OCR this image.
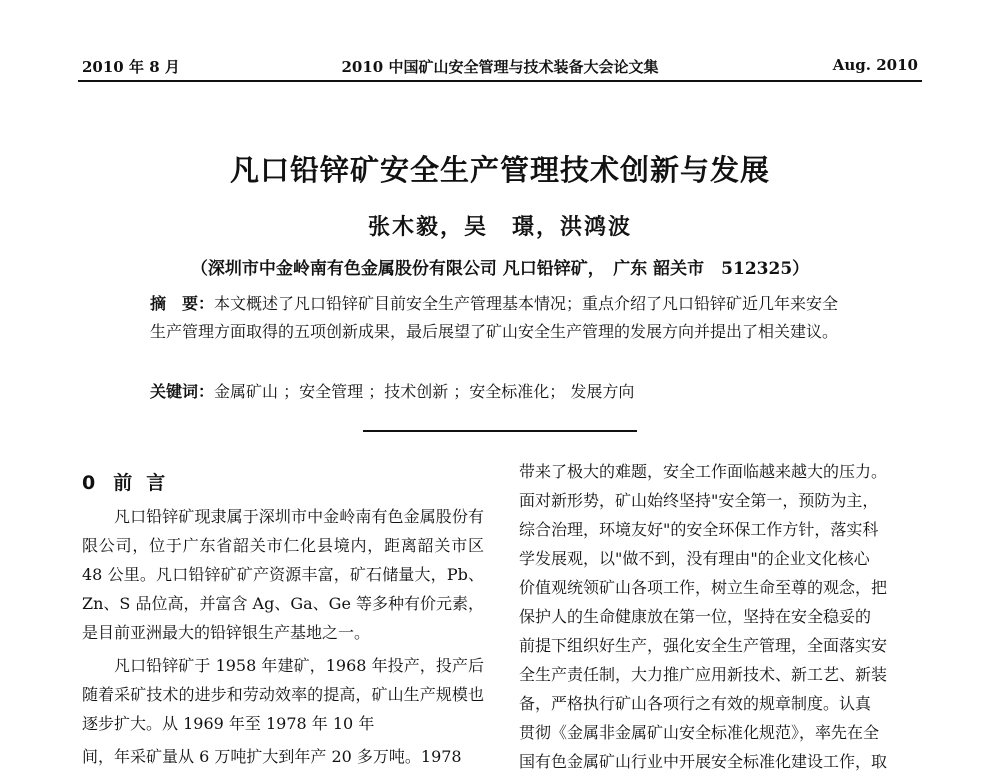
2010 年 8 月	2010 中国矿山安全管理与技术装备大会论文集	Aug. 2010
凡口铅锌矿安全生产管理技术创新与发展
张木毅，吴　璟，洪鸿波
（深圳市中金岭南有色金属股份有限公司 凡口铅锌矿，　广东 韶关市　512325）

摘　要：本文概述了凡口铅锌矿目前安全生产管理基本情况；重点介绍了凡口铅锌矿近几年来安全生产管理方面取得的五项创新成果，最后展望了矿山安全生产管理的发展方向并提出了相关建议。

关键词：金属矿山 ；安全管理 ；技术创新 ；安全标准化； 发展方向
0 前言

凡口铅锌矿现隶属于深圳市中金岭南有色金属股份有限公司，位于广东省韶关市仁化县境内，距离韶关市区 48 公里。凡口铅锌矿矿产资源丰富，矿石储量大，Pb、Zn、S 品位高，并富含 Ag、Ga、Ge 等多种有价元素，是目前亚洲最大的铅锌银生产基地之一。

凡口铅锌矿于 1958 年建矿，1968 年投产，投产后随着采矿技术的进步和劳动效率的提高，矿山生产规模也逐步扩大。从 1969 年至 1978 年 10 年

间，年采矿量从 6 万吨扩大到年产 20 多万吨。1978
带来了极大的难题，安全工作面临越来越大的压力。
面对新形势，矿山始终坚持"安全第一，预防为主，
综合治理，环境友好"的安全环保工作方针，落实科
学发展观，以"做不到，没有理由"的企业文化核心
价值观统领矿山各项工作，树立生命至尊的观念，把
保护人的生命健康放在第一位，坚持在安全稳妥的
前提下组织好生产，强化安全生产管理，全面落实安
全生产责任制，大力推广应用新技术、新工艺、新装
备，严格执行矿山各项行之有效的规章制度。认真
贯彻《金属非金属矿山安全标准化规范》，率先在全
国有色金属矿山行业中开展安全标准化建设工作，取
